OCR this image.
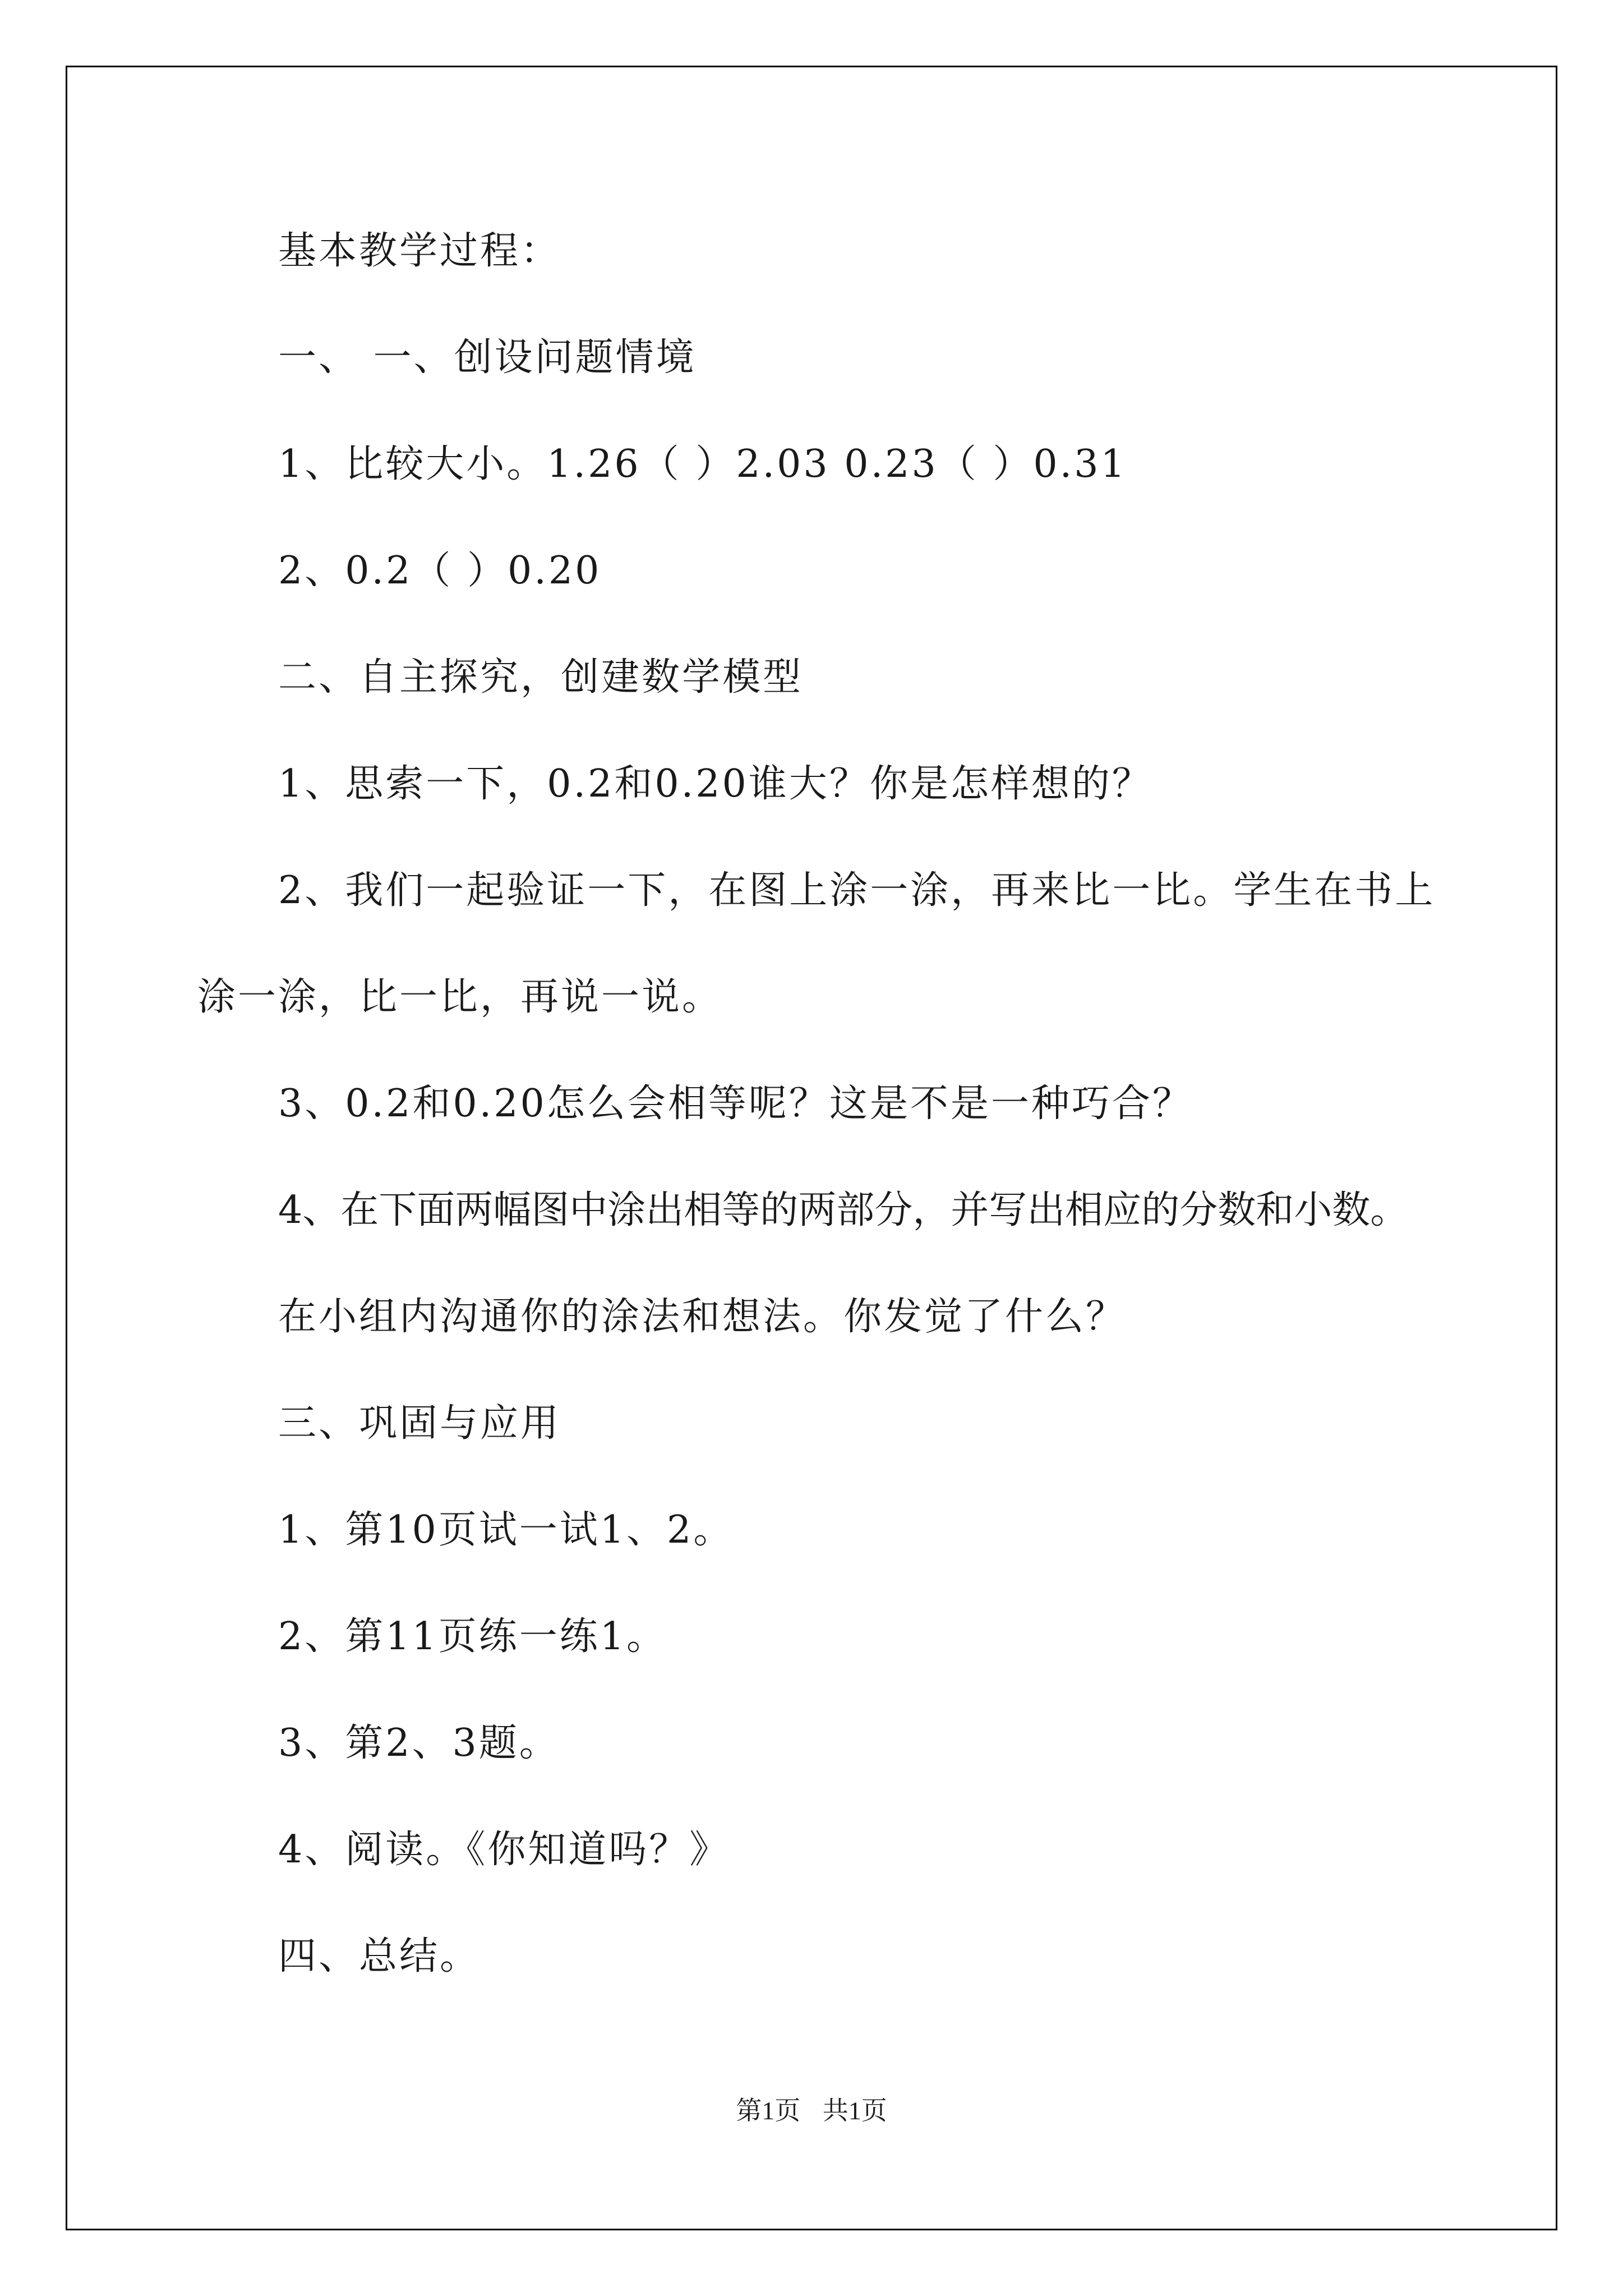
基本教学过程：
一、 一、创设问题情境
1、比较大小。1.26（ ）2.03 0.23（ ）0.31
2、0.2（ ）0.20
二、自主探究，创建数学模型
1、思索一下，0.2和0.20谁大？你是怎样想的？
2、我们一起验证一下，在图上涂一涂，再来比一比。学生在书上
涂一涂，比一比，再说一说。
3、0.2和0.20怎么会相等呢？这是不是一种巧合？
4、在下面两幅图中涂出相等的两部分，并写出相应的分数和小数。
在小组内沟通你的涂法和想法。你发觉了什么？
三、巩固与应用
1、第10页试一试1、2。
2、第11页练一练1。
3、第2、3题。
4、阅读。《你知道吗？》
四、总结。
第1页 共1页
